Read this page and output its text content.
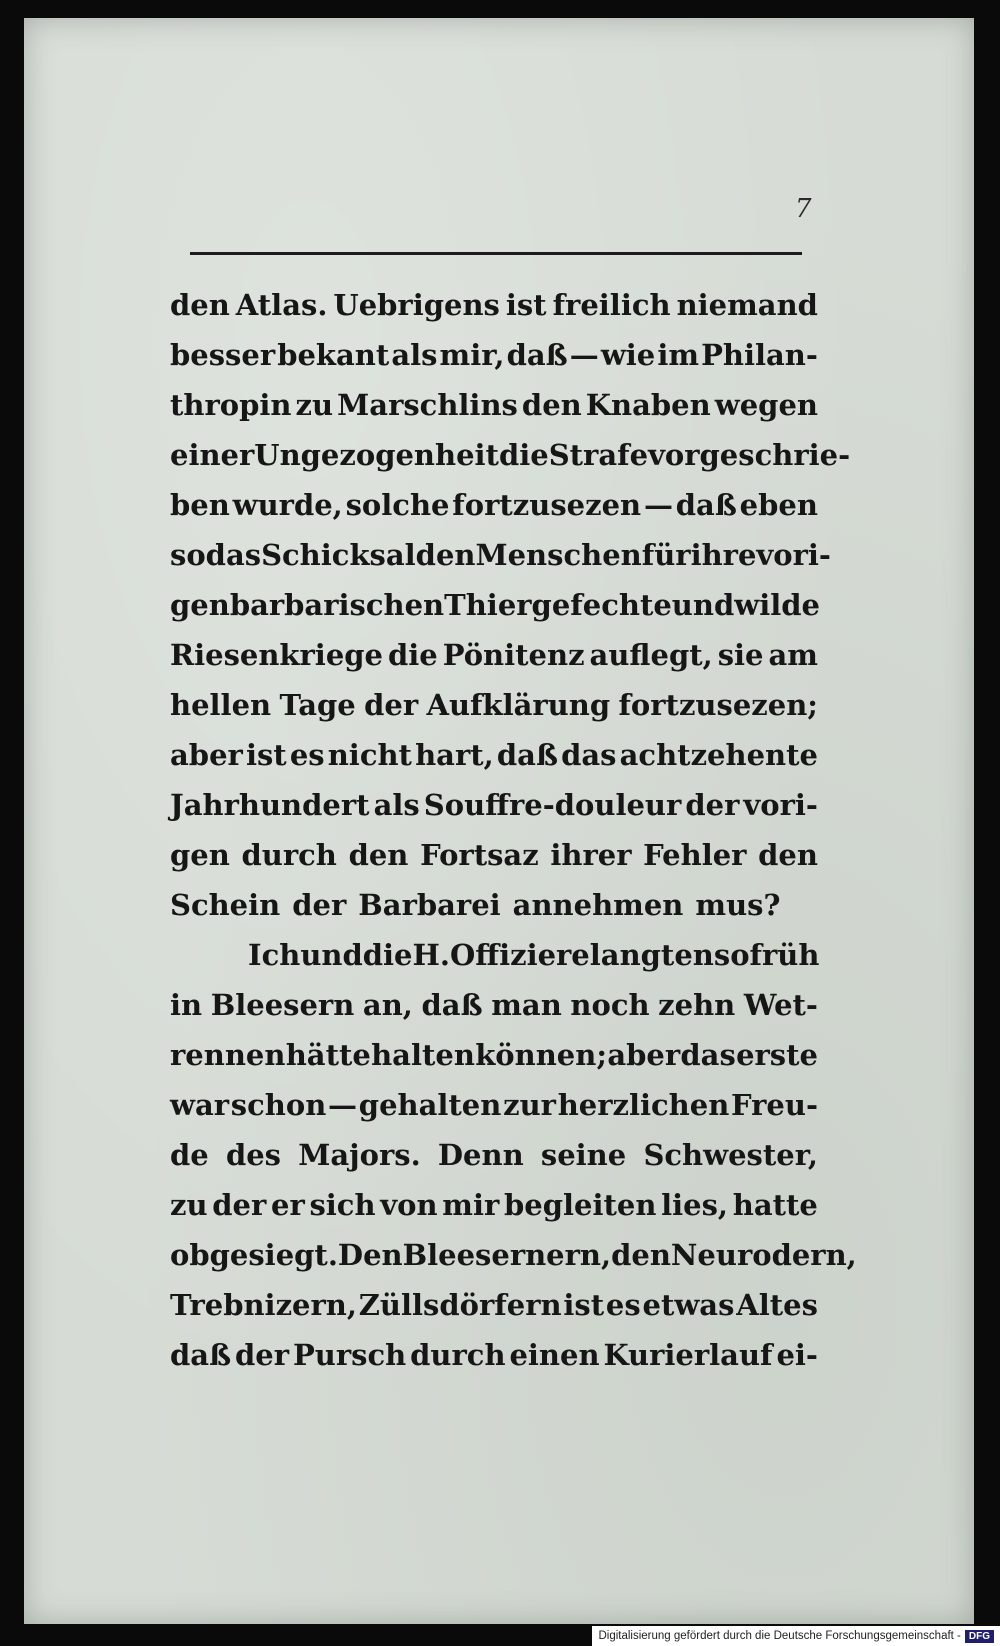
7
den Atlas. Uebrigens ist freilich niemand
besser bekant als mir, daß — wie im Philan-
thropin zu Marschlins den Knaben wegen
einer Ungezogenheit die Strafe vorgeschrie-
ben wurde, solche fortzusezen — daß eben
so das Schicksal den Menschen für ihre vori-
gen barbarischen Thiergefechte und wilde
Riesenkriege die Pönitenz auflegt, sie am
hellen Tage der Aufklärung fortzusezen;
aber ist es nicht hart, daß das achtzehente
Jahrhundert als Souffre-douleur der vori-
gen durch den Fortsaz ihrer Fehler den
Schein der Barbarei annehmen mus?
Ich und die H. Offiziere langten so früh
in Bleesern an, daß man noch zehn Wet-
rennen hätte halten können; aber das erste
war schon — gehalten zur herzlichen Freu-
de des Majors. Denn seine Schwester,
zu der er sich von mir begleiten lies, hatte
obgesiegt. Den Bleesernern, den Neurodern,
Trebnizern, Züllsdörfern ist es etwas Altes
daß der Pursch durch einen Kurierlauf ei-
Digitalisierung gefördert durch die Deutsche Forschungsgemeinschaft - DFG
